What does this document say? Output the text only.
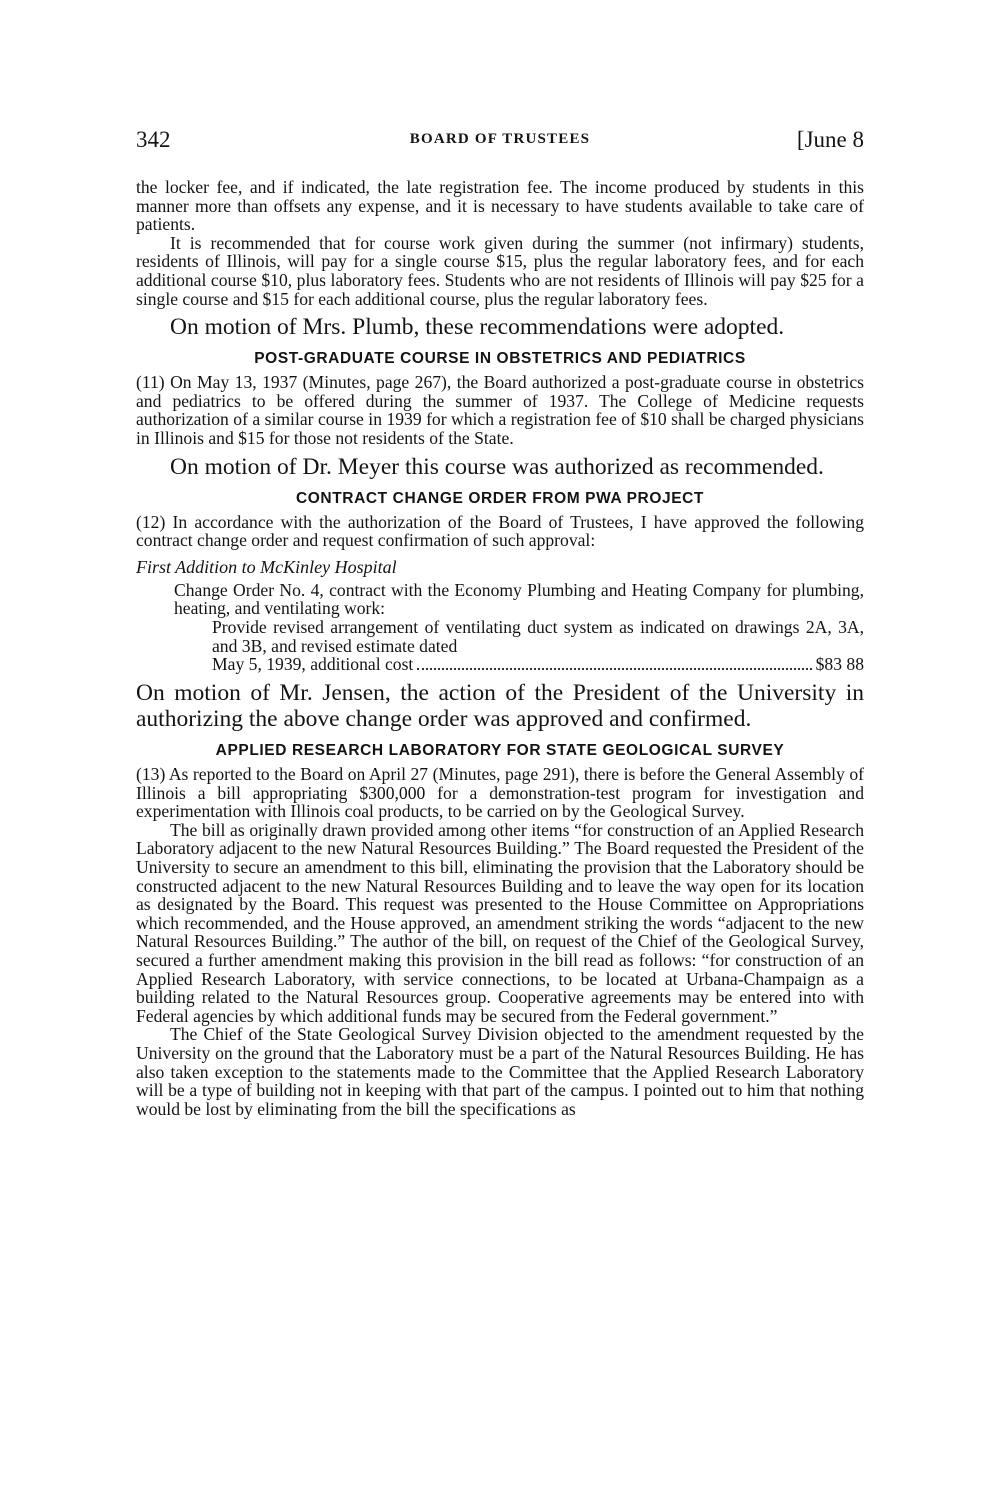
342	BOARD OF TRUSTEES	[June 8

the locker fee, and if indicated, the late registration fee. The income produced by students in this manner more than offsets any expense, and it is necessary to have students available to take care of patients.

It is recommended that for course work given during the summer (not infirmary) students, residents of Illinois, will pay for a single course $15, plus the regular laboratory fees, and for each additional course $10, plus laboratory fees. Students who are not residents of Illinois will pay $25 for a single course and $15 for each additional course, plus the regular laboratory fees.

On motion of Mrs. Plumb, these recommendations were adopted.

POST-GRADUATE COURSE IN OBSTETRICS AND PEDIATRICS

(11) On May 13, 1937 (Minutes, page 267), the Board authorized a post-graduate course in obstetrics and pediatrics to be offered during the summer of 1937. The College of Medicine requests authorization of a similar course in 1939 for which a registration fee of $10 shall be charged physicians in Illinois and $15 for those not residents of the State.

On motion of Dr. Meyer this course was authorized as recommended.

CONTRACT CHANGE ORDER FROM PWA PROJECT

(12) In accordance with the authorization of the Board of Trustees, I have approved the following contract change order and request confirmation of such approval:

First Addition to McKinley Hospital

Change Order No. 4, contract with the Economy Plumbing and Heating Company for plumbing, heating, and ventilating work:

Provide revised arrangement of ventilating duct system as indicated on drawings 2A, 3A, and 3B, and revised estimate dated

May 5, 1939, additional cost	$83 88

On motion of Mr. Jensen, the action of the President of the University in authorizing the above change order was approved and confirmed.

APPLIED RESEARCH LABORATORY FOR STATE GEOLOGICAL SURVEY

(13) As reported to the Board on April 27 (Minutes, page 291), there is before the General Assembly of Illinois a bill appropriating $300,000 for a demonstration-test program for investigation and experimentation with Illinois coal products, to be carried on by the Geological Survey.

The bill as originally drawn provided among other items “for construction of an Applied Research Laboratory adjacent to the new Natural Resources Building.” The Board requested the President of the University to secure an amendment to this bill, eliminating the provision that the Laboratory should be constructed adjacent to the new Natural Resources Building and to leave the way open for its location as designated by the Board. This request was presented to the House Committee on Appropriations which recommended, and the House approved, an amendment striking the words “adjacent to the new Natural Resources Building.” The author of the bill, on request of the Chief of the Geological Survey, secured a further amendment making this provision in the bill read as follows: “for construction of an Applied Research Laboratory, with service connections, to be located at Urbana-Champaign as a building related to the Natural Resources group. Cooperative agreements may be entered into with Federal agencies by which additional funds may be secured from the Federal government.”

The Chief of the State Geological Survey Division objected to the amendment requested by the University on the ground that the Laboratory must be a part of the Natural Resources Building. He has also taken exception to the statements made to the Committee that the Applied Research Laboratory will be a type of building not in keeping with that part of the campus. I pointed out to him that nothing would be lost by eliminating from the bill the specifications as
